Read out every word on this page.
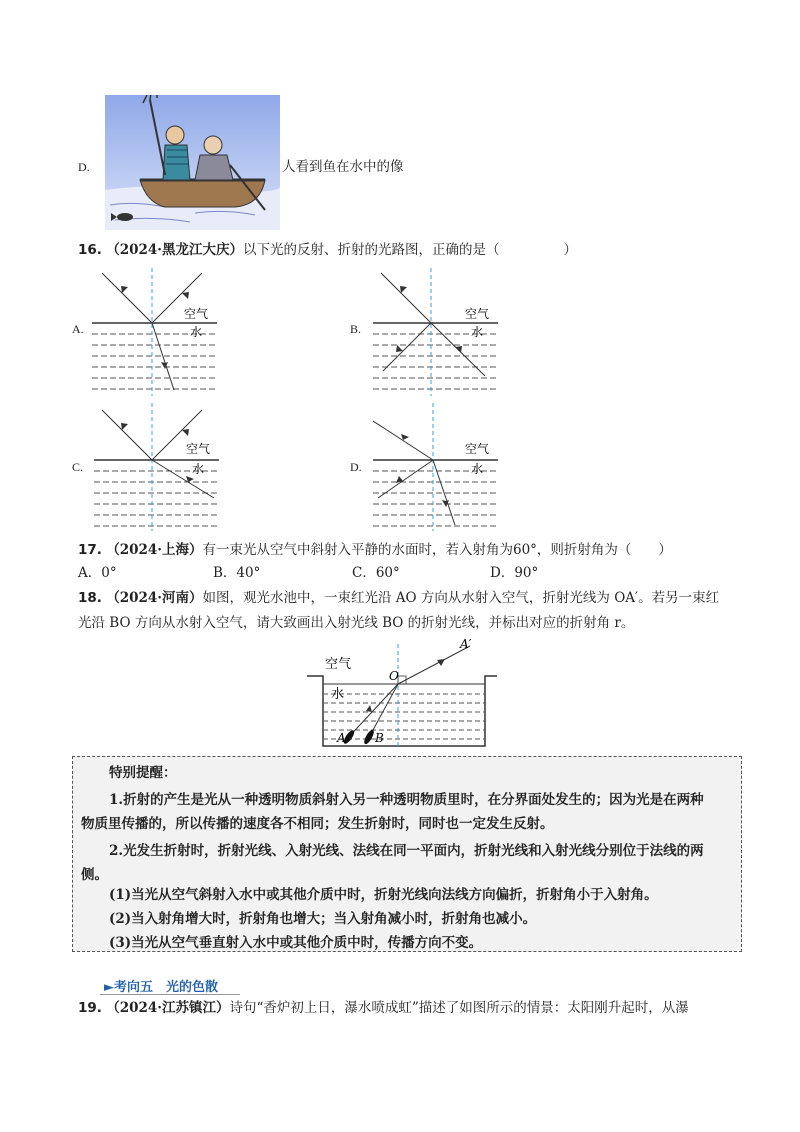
D.	人看到鱼在水中的像
16. （2024·黑龙江大庆）以下光的反射、折射的光路图，正确的是（	）
A.
空气
水	B.
空气
水
C.
空气
水	D.
空气
水
17. （2024·上海）有一束光从空气中斜射入平静的水面时，若入射角为60°，则折射角为（　　）
A．0°	B．40°	C．60°	D．90°
18. （2024·河南）如图，观光水池中，一束红光沿 AO 方向从水射入空气，折射光线为 OA′。若另一束红
光沿 BO 方向从水射入空气，请大致画出入射光线 BO 的折射光线，并标出对应的折射角 r。
空气
水
O
A′
A B

特别提醒：

1.折射的产生是光从一种透明物质斜射入另一种透明物质里时，在分界面处发生的；因为光是在两种

物质里传播的，所以传播的速度各不相同；发生折射时，同时也一定发生反射。

2.光发生折射时，折射光线、入射光线、法线在同一平面内，折射光线和入射光线分别位于法线的两

侧。

(1)当光从空气斜射入水中或其他介质中时，折射光线向法线方向偏折，折射角小于入射角。

(2)当入射角增大时，折射角也增大；当入射角减小时，折射角也减小。

(3)当光从空气垂直射入水中或其他介质中时，传播方向不变。

►考向五　光的色散
19. （2024·江苏镇江）诗句“香炉初上日，瀑水喷成虹”描述了如图所示的情景：太阳刚升起时，从瀑
